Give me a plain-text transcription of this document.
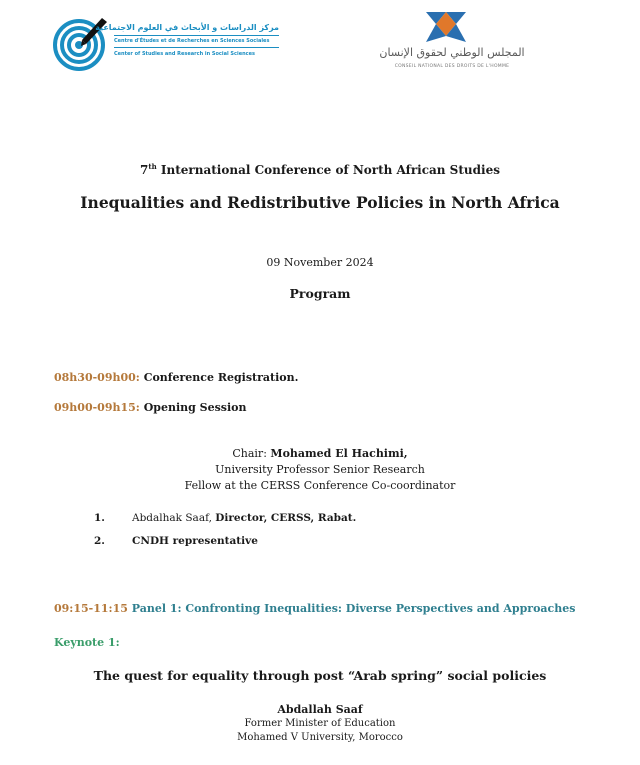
مركز الدراسات و الأبحاث في العلوم الاجتماعية
Centre d'Études et de Recherches en Sciences Sociales
Center of Studies and Research in Social Sciences	المجلس الوطني لحقوق الإنسان
CONSEIL NATIONAL DES DROITS DE L'HOMME
7th International Conference of North African Studies
Inequalities and Redistributive Policies in North Africa
09 November 2024
Program
08h30-09h00: Conference Registration.
09h00-09h15: Opening Session
Chair: Mohamed El Hachimi,
University Professor Senior Research
Fellow at the CERSS Conference Co-coordinator
1.	Abdalhak Saaf, Director, CERSS, Rabat.
2.	CNDH representative
09:15-11:15 Panel 1: Confronting Inequalities: Diverse Perspectives and Approaches
Keynote 1:
The quest for equality through post “Arab spring” social policies
Abdallah Saaf
Former Minister of Education
Mohamed V University, Morocco
